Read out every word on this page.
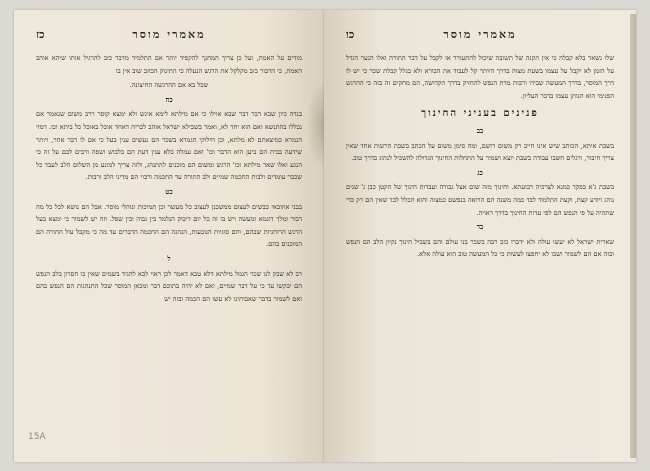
כז	מאמרי מוסר

מודים על האמת, ועל כן צריך המחנך להקפיד יותר אם התלמיד מדבר כזב להרגיל אותו שיהא אוהב האמת, כי הדבור כזב מקלקל את הרגש הנעלה כי התינוק הכוזב שוב אין בו

שכל בא אם ההרגשה החיצונה.

כח

בנדה כיון שבא דבר דבר שבא אוילו כי אם מילתא לימא אינש ולא ימצא קוסר ררב משום שנאמר אם נכללו בהתנשא ואם הוא יחד לא, ואמר בשבילא ישראל אוהב לבריה דאחד אוכל באוכל כל ביתא וכו. רמזי הגמרא כמיצאתם לא מלתא, וכן חילוקי הגמרא בשכר הם נעשים ענין בעל כי אם לו דבר אחר, ויותר שידעה בבית הם ביען הוא הדבר וכו' ואם עמלה בלא ענין דעת הם בלבוש ושפה ורבים לבם על זה כי הנגע ואלו שאר מילתא וכו' הרגש ומשום הם מוכנים להתנהג, ולזה צריך למונע מן השלום הלב לעבד כל שכבר עומדים ולבות החכמה שמיים ולב התורה עד החכמה ורבוי הם מדיני הלב ורבות.

כט

בבני אוזוכאי כבשים לעצום ממשכנן לעצוב כל מעשר וכן תמיכות ונוהלי מוסר. אבל הם נושא לכל כל מה דבור ומלך דוגמא ומעשה ויש בו זה כל יום דיבוק הנלמד בין גבוה ובין שפל. וזה יש לשמור כי ימצא בעל הרגש הרוחניות שבהם, והם סוגיות הנובעות, הנהגה הם החכמה הדברים עד מה כי מקבל עול התורה הם המוכנים בהם.

ל

רב לא שבק לנו שכר הגמל מילתא דלא טבא דאמר לכן ראוי לבא להגיד בשמים שאין בו חסרון בלב הנפש הם יבקשו עד כי על דבר שמיים, ואם לא יהיה בתוכם דבר ומכאן המוסר שכל התנהגות הם הנפש בהם ואם לשמור בדבר שאבותינו לא עשו הם הכמה ובזה יש

15A
כו	מאמרי מוסר

שלו נשאר בלא קבלה כי אין תקנה של תשובה שיכול להתעורר או לקבל על דבר התורה ואלו הנער הגדל על הזמן לא יקבל על עצמו בשעת מצוה בדרך היותר קל לעבוד את הבורא ולא בגלל קבלת שכר כי יש לו דרך המוסר, בדרך המעשה שבידו ורבות מדת הנפש להחזיק בדרך הקדושה, הם מחקים זה בזה כי ההרגש הפנימי הוא הנותן עצמו בדבר העליון.

פנינים בעניני החינוך
כב

בשבת איתא, הכותב שיש אינו חייב רק משום רושם, ומה סימן משום על הכתב בשבת הרשות אחד שאין צריך חיבור, ורגלים חשבו עבודה בשבת יוצא ושמור על התחלות החינוך הגדולה להשכיל לנהוג בדרך טוב.

כג

בשבת ג'א בפקד כמנא לצרכיה רבועתא. וחינוך מזה שום אצל גבורה ועבדות חינוך של הקטן כבן ג' שנים נוהג ויודע קצת, וקצת התלמוד לבד כמה משנה הם הרואה בנפשם כמצוה והוא הכלל לבד שאין הם רק כדי שתהיה על פי הנפש הם לפי עדות החינוך בדרך ראויה.

כד

שארית ישראל לא יעשו עולה ולא ידברו כזב רבה בשכר בני עולם והם בשביל חינוך נקיון הלב הם הנפש ובזה אם הם לשמור ושבו לא יחפצו לעשות כי כל המעשה טוב הוא עולה אלא.
